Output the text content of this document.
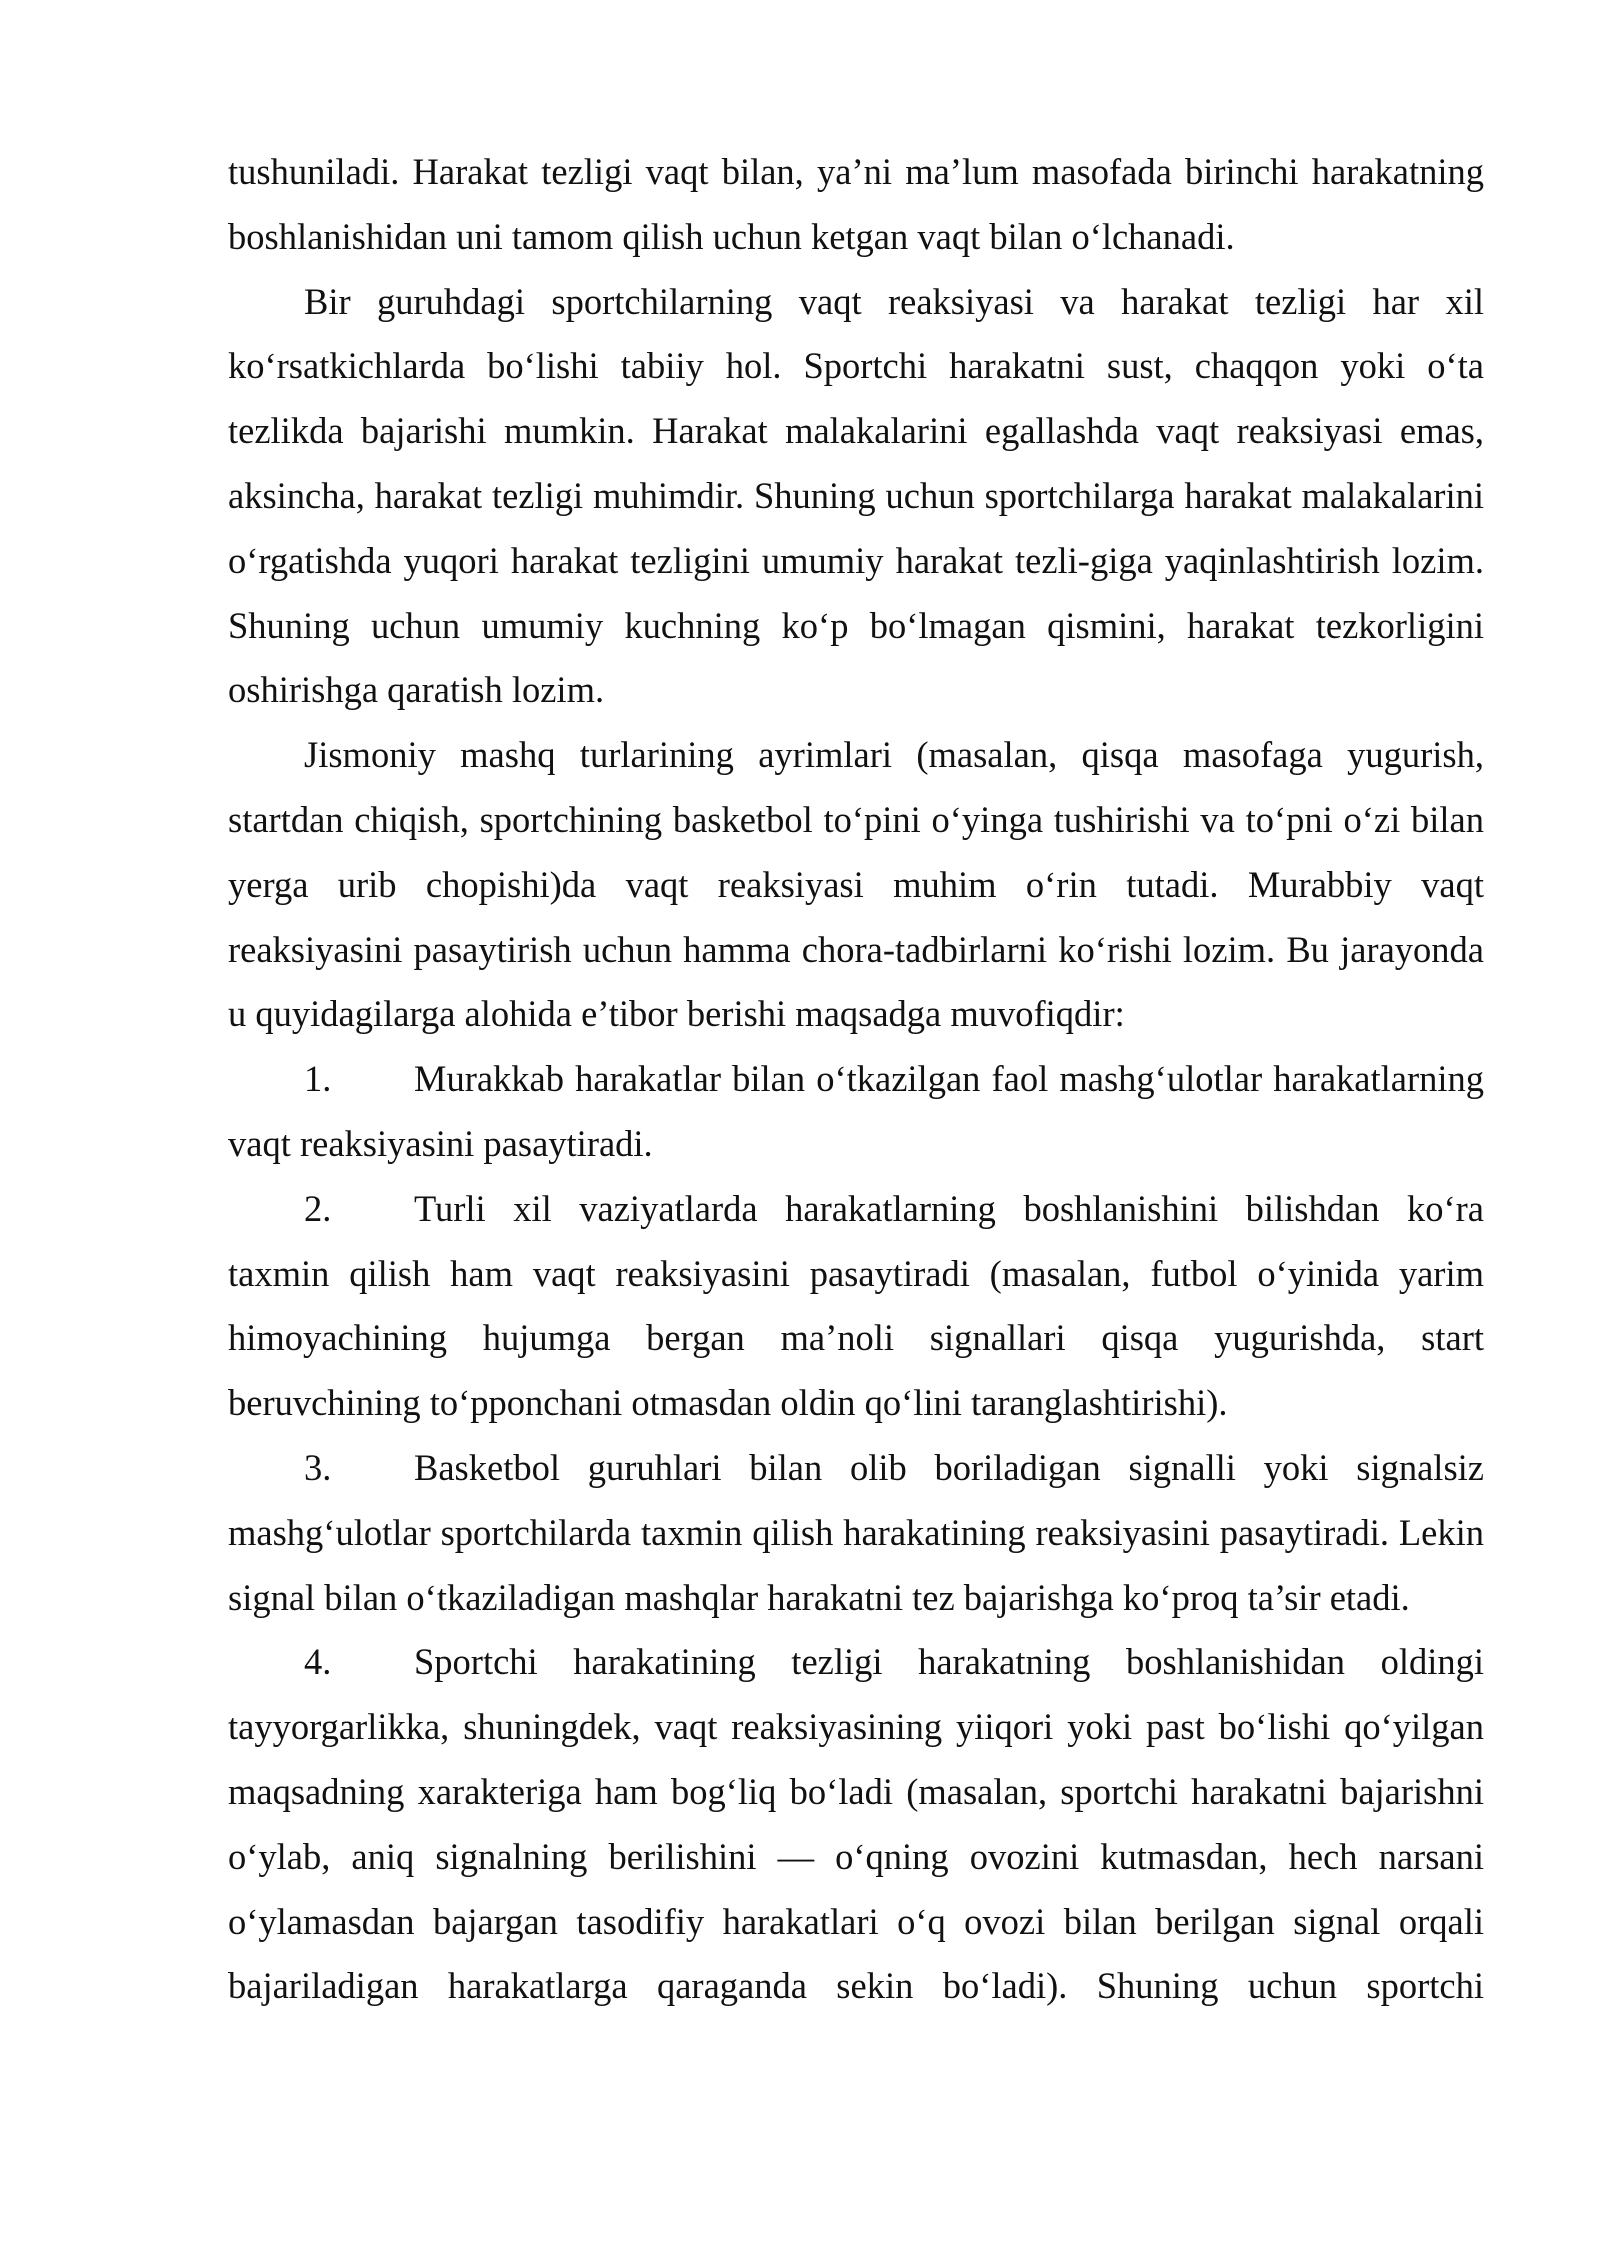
tushuniladi. Harakat tezligi vaqt bilan, ya’ni ma’lum masofada birinchi harakatning boshlanishidan uni tamom qilish uchun ketgan vaqt bilan o‘lchanadi.

Bir guruhdagi sportchilarning vaqt reaksiyasi va harakat tezligi har xil ko‘rsatkichlarda bo‘lishi tabiiy hol. Sportchi harakatni sust, chaqqon yoki o‘ta tezlikda bajarishi mumkin. Harakat malakalarini egallashda vaqt reaksiyasi emas, aksincha, harakat tezligi muhimdir. Shuning uchun sportchilarga harakat malakalarini o‘rgatishda yuqori harakat tezligini umumiy harakat tezli-giga yaqinlashtirish lozim. Shuning uchun umumiy kuchning ko‘p bo‘lmagan qismini, harakat tezkorligini oshirishga qaratish lozim.

Jismoniy mashq turlarining ayrimlari (masalan, qisqa masofaga yugurish, startdan chiqish, sportchining basketbol to‘pini o‘yinga tushirishi va to‘pni o‘zi bilan yerga urib chopishi)da vaqt reaksiyasi muhim o‘rin tutadi. Murabbiy vaqt reaksiyasini pasaytirish uchun hamma chora-tadbirlarni ko‘rishi lozim. Bu jarayonda u quyidagilarga alohida e’tibor berishi maqsadga muvofiqdir:

1. Murakkab harakatlar bilan o‘tkazilgan faol mashg‘ulotlar harakatlarning vaqt reaksiyasini pasaytiradi.

2. Turli xil vaziyatlarda harakatlarning boshlanishini bilishdan ko‘ra taxmin qilish ham vaqt reaksiyasini pasaytiradi (masalan, futbol o‘yinida yarim himoyachining hujumga bergan ma’noli signallari qisqa yugurishda, start beruvchining to‘pponchani otmasdan oldin qo‘lini taranglashtirishi).

3. Basketbol guruhlari bilan olib boriladigan signalli yoki signalsiz mashg‘ulotlar sportchilarda taxmin qilish harakatining reaksiyasini pasaytiradi. Lekin signal bilan o‘tkaziladigan mashqlar harakatni tez bajarishga ko‘proq ta’sir etadi.

4. Sportchi harakatining tezligi harakatning boshlanishidan oldingi tayyorgarlikka, shuningdek, vaqt reaksiyasining yiiqori yoki past bo‘lishi qo‘yilgan maqsadning xarakteriga ham bog‘liq bo‘ladi (masalan, sportchi harakatni bajarishni o‘ylab, aniq signalning berilishini — o‘qning ovozini kutmasdan, hech narsani o‘ylamasdan bajargan tasodifiy harakatlari o‘q ovozi bilan berilgan signal orqali bajariladigan harakatlarga qaraganda sekin bo‘ladi). Shuning uchun sportchi
